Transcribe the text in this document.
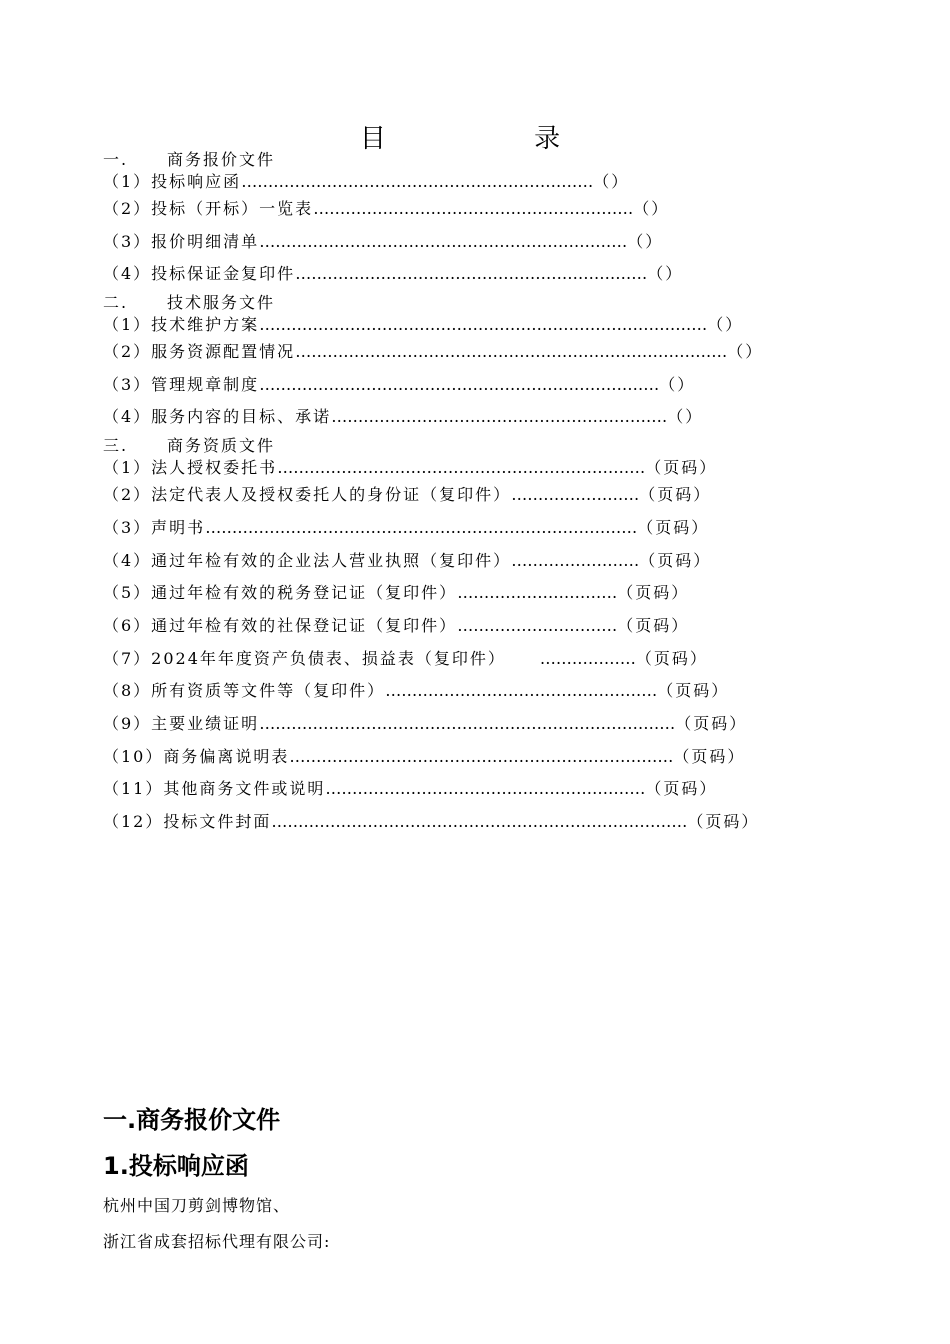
目 录
一. 商务报价文件
（1）投标响应函…………………………………………………………（）
（2）投标（开标）一览表……………………………………………………（）
（3）报价明细清单……………………………………………………………（）
（4）投标保证金复印件…………………………………………………………（）
二. 技术服务文件
（1）技术维护方案…………………………………………………………………………（）
（2）服务资源配置情况………………………………………………………………………（）
（3）管理规章制度…………………………………………………………………（）
（4）服务内容的目标、承诺………………………………………………………（）
三. 商务资质文件
（1）法人授权委托书……………………………………………………………（页码）
（2）法定代表人及授权委托人的身份证（复印件）……………………（页码）
（3）声明书………………………………………………………………………（页码）
（4）通过年检有效的企业法人营业执照（复印件）……………………（页码）
（5）通过年检有效的税务登记证（复印件）…………………………（页码）
（6）通过年检有效的社保登记证（复印件）…………………………（页码）
（7）2024年年度资产负债表、损益表（复印件） ………………（页码）
（8）所有资质等文件等（复印件）……………………………………………（页码）
（9）主要业绩证明……………………………………………………………………（页码）
（10）商务偏离说明表………………………………………………………………（页码）
（11）其他商务文件或说明……………………………………………………（页码）
（12）投标文件封面……………………………………………………………………（页码）

一.商务报价文件

1.投标响应函

杭州中国刀剪剑博物馆、

浙江省成套招标代理有限公司:
